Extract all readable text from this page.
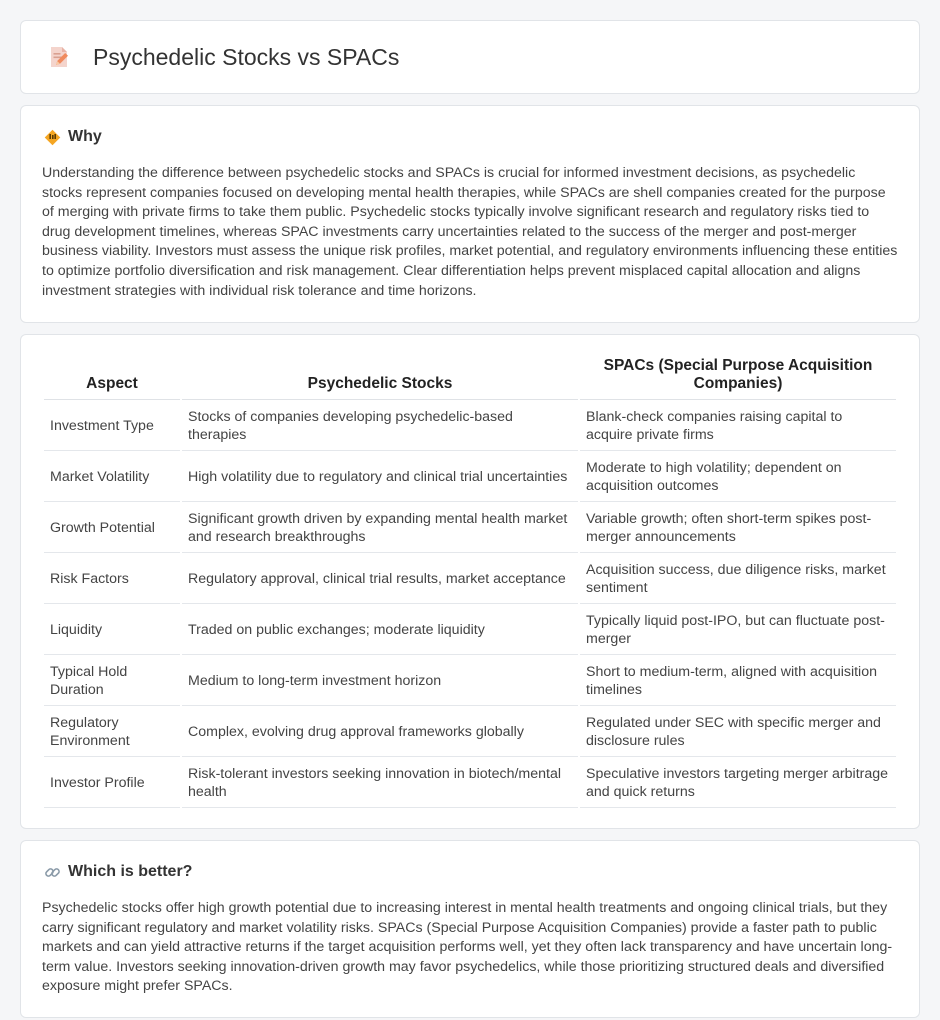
Psychedelic Stocks vs SPACs
Why

Understanding the difference between psychedelic stocks and SPACs is crucial for informed investment decisions, as psychedelic stocks represent companies focused on developing mental health therapies, while SPACs are shell companies created for the purpose of merging with private firms to take them public. Psychedelic stocks typically involve significant research and regulatory risks tied to drug development timelines, whereas SPAC investments carry uncertainties related to the success of the merger and post-merger business viability. Investors must assess the unique risk profiles, market potential, and regulatory environments influencing these entities to optimize portfolio diversification and risk management. Clear differentiation helps prevent misplaced capital allocation and aligns investment strategies with individual risk tolerance and time horizons.

Aspect	Psychedelic Stocks	SPACs (Special Purpose Acquisition Companies)
Investment Type	Stocks of companies developing psychedelic-based therapies	Blank-check companies raising capital to acquire private firms
Market Volatility	High volatility due to regulatory and clinical trial uncertainties	Moderate to high volatility; dependent on acquisition outcomes
Growth Potential	Significant growth driven by expanding mental health market and research breakthroughs	Variable growth; often short-term spikes post-merger announcements
Risk Factors	Regulatory approval, clinical trial results, market acceptance	Acquisition success, due diligence risks, market sentiment
Liquidity	Traded on public exchanges; moderate liquidity	Typically liquid post-IPO, but can fluctuate post-merger
Typical Hold Duration	Medium to long-term investment horizon	Short to medium-term, aligned with acquisition timelines
Regulatory Environment	Complex, evolving drug approval frameworks globally	Regulated under SEC with specific merger and disclosure rules
Investor Profile	Risk-tolerant investors seeking innovation in biotech/mental health	Speculative investors targeting merger arbitrage and quick returns
Which is better?

Psychedelic stocks offer high growth potential due to increasing interest in mental health treatments and ongoing clinical trials, but they carry significant regulatory and market volatility risks. SPACs (Special Purpose Acquisition Companies) provide a faster path to public markets and can yield attractive returns if the target acquisition performs well, yet they often lack transparency and have uncertain long-term value. Investors seeking innovation-driven growth may favor psychedelics, while those prioritizing structured deals and diversified exposure might prefer SPACs.
